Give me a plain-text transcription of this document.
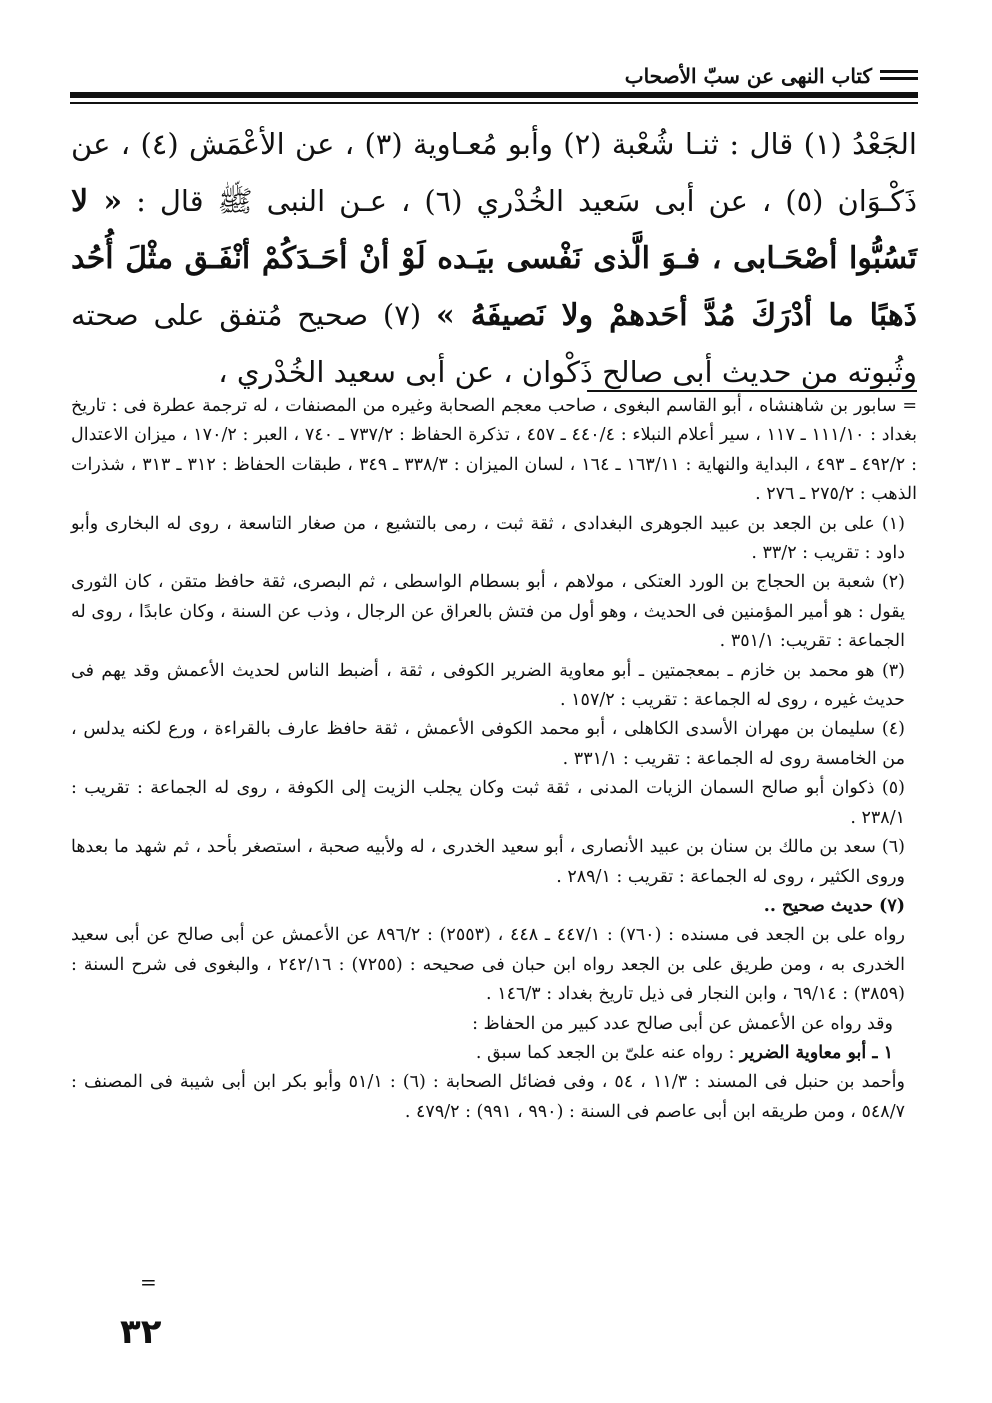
كتاب النهى عن سبّ الأصحاب

الجَعْدُ (١) قال : ثنـا شُعْبة (٢) وأبو مُعـاوية (٣) ، عن الأعْمَش (٤) ، عن ذَكْـوَان (٥) ، عن أبى سَعيد الخُدْري (٦) ، عـن النبى ﷺ قال : « لا تَسُبُّوا أصْحَـابى ، فـوَ الَّذى نَفْسى بيَـده لَوْ أنْ أحَـدَكُمْ أنْفَـق مثْلَ أُحُد ذَهبًا ما أدْرَكَ مُدَّ أحَدهمْ ولا نَصيفَهُ » (٧) صحيح مُتفق على صحته وثُبوته من حديث أبى صالح ذَكْوان ، عن أبى سعيد الخُدْري ،

= سابور بن شاهنشاه ، أبو القاسم البغوى ، صاحب معجم الصحابة وغيره من المصنفات ، له ترجمة عطرة فى : تاريخ بغداد : ١١١/١٠ ـ ١١٧ ، سير أعلام النبلاء : ٤٤٠/٤ ـ ٤٥٧ ، تذكرة الحفاظ : ٧٣٧/٢ ـ ٧٤٠ ، العبر : ١٧٠/٢ ، ميزان الاعتدال : ٤٩٢/٢ ـ ٤٩٣ ، البداية والنهاية : ١٦٣/١١ ـ ١٦٤ ، لسان الميزان : ٣٣٨/٣ ـ ٣٤٩ ، طبقات الحفاظ : ٣١٢ ـ ٣١٣ ، شذرات الذهب : ٢٧٥/٢ ـ ٢٧٦ .

(١) على بن الجعد بن عبيد الجوهرى البغدادى ، ثقة ثبت ، رمى بالتشيع ، من صغار التاسعة ، روى له البخارى وأبو داود : تقريب : ٣٣/٢ .

(٢) شعبة بن الحجاج بن الورد العتكى ، مولاهم ، أبو بسطام الواسطى ، ثم البصرى، ثقة حافظ متقن ، كان الثورى يقول : هو أمير المؤمنين فى الحديث ، وهو أول من فتش بالعراق عن الرجال ، وذب عن السنة ، وكان عابدًا ، روى له الجماعة : تقريب: ٣٥١/١ .

(٣) هو محمد بن خازم ـ بمعجمتين ـ أبو معاوية الضرير الكوفى ، ثقة ، أضبط الناس لحديث الأعمش وقد يهم فى حديث غيره ، روى له الجماعة : تقريب : ١٥٧/٢ .

(٤) سليمان بن مهران الأسدى الكاهلى ، أبو محمد الكوفى الأعمش ، ثقة حافظ عارف بالقراءة ، ورع لكنه يدلس ، من الخامسة روى له الجماعة : تقريب : ٣٣١/١ .

(٥) ذكوان أبو صالح السمان الزيات المدنى ، ثقة ثبت وكان يجلب الزيت إلى الكوفة ، روى له الجماعة : تقريب : ٢٣٨/١ .

(٦) سعد بن مالك بن سنان بن عبيد الأنصارى ، أبو سعيد الخدرى ، له ولأبيه صحبة ، استصغر بأحد ، ثم شهد ما بعدها وروى الكثير ، روى له الجماعة : تقريب : ٢٨٩/١ .

(٧) حديث صحيح ..

رواه على بن الجعد فى مسنده : (٧٦٠) : ٤٤٧/١ ـ ٤٤٨ ، (٢٥٥٣) : ٨٩٦/٢ عن الأعمش عن أبى صالح عن أبى سعيد الخدرى به ، ومن طريق على بن الجعد رواه ابن حبان فى صحيحه : (٧٢٥٥) : ٢٤٢/١٦ ، والبغوى فى شرح السنة : (٣٨٥٩) : ٦٩/١٤ ، وابن النجار فى ذيل تاريخ بغداد : ١٤٦/٣ .

وقد رواه عن الأعمش عن أبى صالح عدد كبير من الحفاظ :

١ ـ أبو معاوية الضرير : رواه عنه علىّ بن الجعد كما سبق .

وأحمد بن حنبل فى المسند : ١١/٣ ، ٥٤ ، وفى فضائل الصحابة : (٦) : ٥١/١ وأبو بكر ابن أبى شيبة فى المصنف : ٥٤٨/٧ ، ومن طريقه ابن أبى عاصم فى السنة : (٩٩٠ ، ٩٩١) : ٤٧٩/٢ .

=
٣٢
